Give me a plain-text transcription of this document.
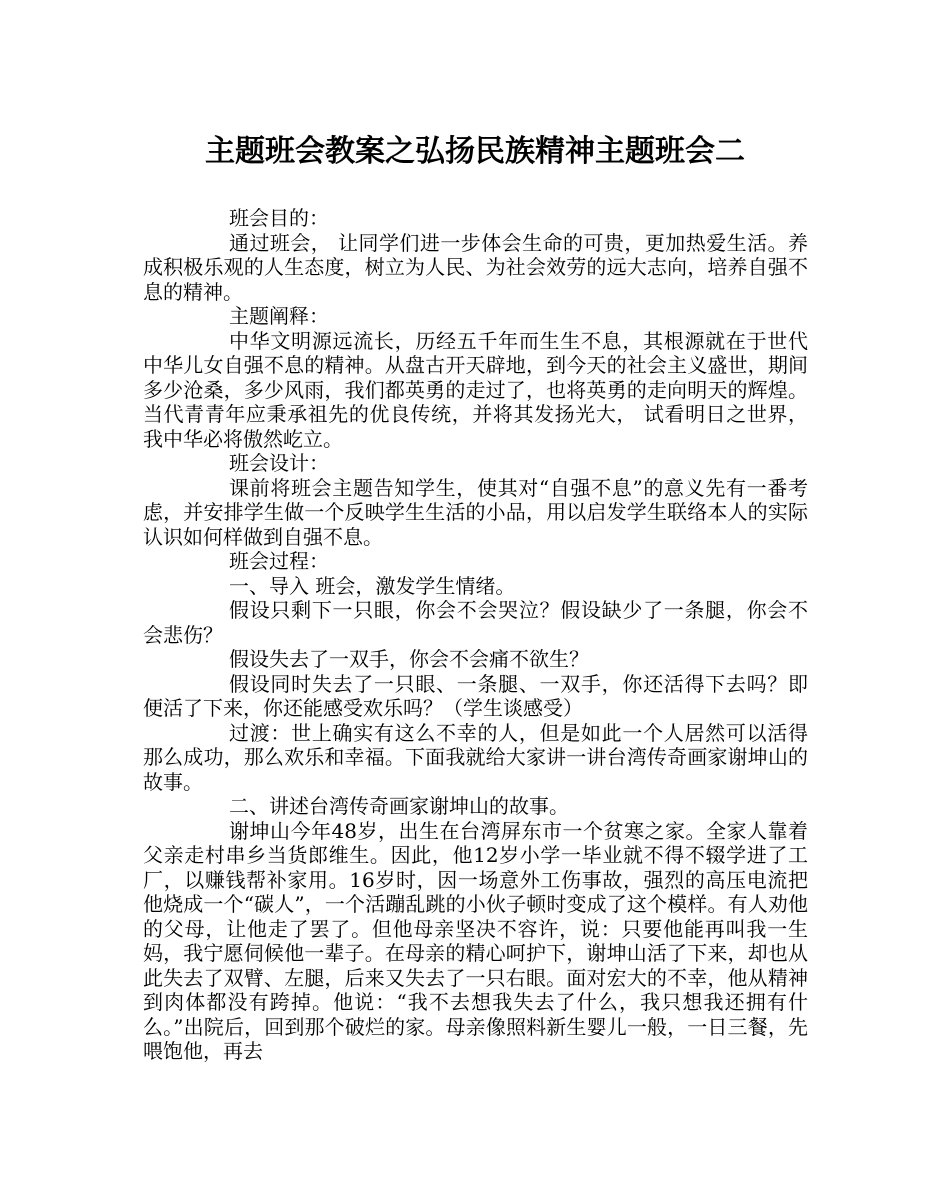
主题班会教案之弘扬民族精神主题班会二

班会目的：

通过班会， 让同学们进一步体会生命的可贵，更加热爱生活。养成积极乐观的人生态度，树立为人民、为社会效劳的远大志向，培养自强不息的精神。

主题阐释：

中华文明源远流长，历经五千年而生生不息，其根源就在于世代中华儿女自强不息的精神。从盘古开天辟地，到今天的社会主义盛世，期间多少沧桑，多少风雨，我们都英勇的走过了，也将英勇的走向明天的辉煌。当代青青年应秉承祖先的优良传统，并将其发扬光大， 试看明日之世界，我中华必将傲然屹立。

班会设计：

课前将班会主题告知学生，使其对“自强不息”的意义先有一番考虑，并安排学生做一个反映学生生活的小品，用以启发学生联络本人的实际认识如何样做到自强不息。

班会过程：

一、导入 班会，激发学生情绪。

假设只剩下一只眼，你会不会哭泣？假设缺少了一条腿，你会不会悲伤？

假设失去了一双手，你会不会痛不欲生？

假设同时失去了一只眼、一条腿、一双手，你还活得下去吗？即便活了下来，你还能感受欢乐吗？（学生谈感受）

过渡：世上确实有这么不幸的人，但是如此一个人居然可以活得那么成功，那么欢乐和幸福。下面我就给大家讲一讲台湾传奇画家谢坤山的故事。

二、讲述台湾传奇画家谢坤山的故事。

谢坤山今年48岁，出生在台湾屏东市一个贫寒之家。全家人靠着父亲走村串乡当货郎维生。因此，他12岁小学一毕业就不得不辍学进了工厂，以赚钱帮补家用。16岁时，因一场意外工伤事故，强烈的高压电流把他烧成一个“碳人”，一个活蹦乱跳的小伙子顿时变成了这个模样。有人劝他的父母，让他走了罢了。但他母亲坚决不容许，说：只要他能再叫我一生妈，我宁愿伺候他一辈子。在母亲的精心呵护下，谢坤山活了下来，却也从此失去了双臂、左腿，后来又失去了一只右眼。面对宏大的不幸，他从精神到肉体都没有跨掉。他说：“我不去想我失去了什么，我只想我还拥有什么。”出院后，回到那个破烂的家。母亲像照料新生婴儿一般，一日三餐，先喂饱他，再去
